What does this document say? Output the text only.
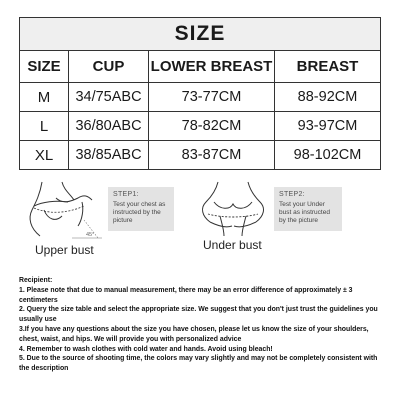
SIZE			
SIZE	CUP	LOWER BREAST	BREAST
M	34/75ABC	73-77CM	88-92CM
L	36/80ABC	78-82CM	93-97CM
XL	38/85ABC	83-87CM	98-102CM
45°
STEP1:
Test your chest as instructed by the picture
Upper bust
STEP2:
Test your Under bust as instructed by the picture
Under bust

Recipient:

1. Please note that due to manual measurement, there may be an error difference of approximately ± 3 centimeters

2. Query the size table and select the appropriate size. We suggest that you don't just trust the guidelines you usually use

3.If you have any questions about the size you have chosen, please let us know the size of your shoulders, chest, waist, and hips. We will provide you with personalized advice

4. Remember to wash clothes with cold water and hands. Avoid using bleach!

5. Due to the source of shooting time, the colors may vary slightly and may not be completely consistent with the description
